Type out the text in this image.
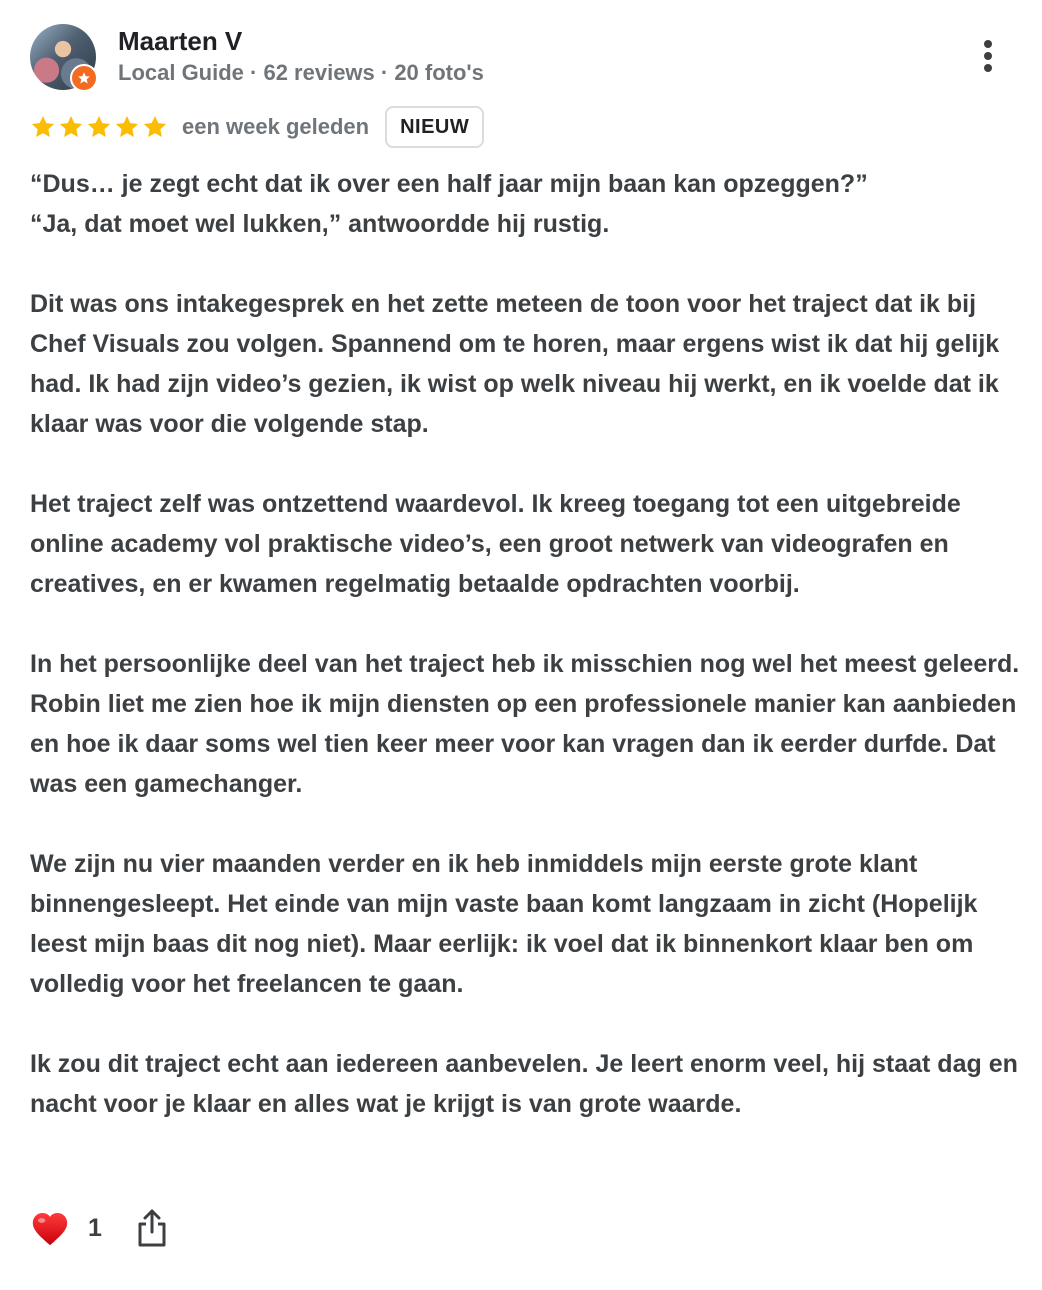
Maarten V
Local Guide · 62 reviews · 20 foto's
een week geleden	NIEUW

“Dus… je zegt echt dat ik over een half jaar mijn baan kan opzeggen?”
“Ja, dat moet wel lukken,” antwoordde hij rustig.

Dit was ons intakegesprek en het zette meteen de toon voor het traject dat ik bij Chef Visuals zou volgen. Spannend om te horen, maar ergens wist ik dat hij gelijk had. Ik had zijn video’s gezien, ik wist op welk niveau hij werkt, en ik voelde dat ik klaar was voor die volgende stap.

Het traject zelf was ontzettend waardevol. Ik kreeg toegang tot een uitgebreide online academy vol praktische video’s, een groot netwerk van videografen en creatives, en er kwamen regelmatig betaalde opdrachten voorbij.

In het persoonlijke deel van het traject heb ik misschien nog wel het meest geleerd. Robin liet me zien hoe ik mijn diensten op een professionele manier kan aanbieden en hoe ik daar soms wel tien keer meer voor kan vragen dan ik eerder durfde. Dat was een gamechanger.

We zijn nu vier maanden verder en ik heb inmiddels mijn eerste grote klant binnengesleept. Het einde van mijn vaste baan komt langzaam in zicht (Hopelijk leest mijn baas dit nog niet). Maar eerlijk: ik voel dat ik binnenkort klaar ben om volledig voor het freelancen te gaan.

Ik zou dit traject echt aan iedereen aanbevelen. Je leert enorm veel, hij staat dag en nacht voor je klaar en alles wat je krijgt is van grote waarde.

1
